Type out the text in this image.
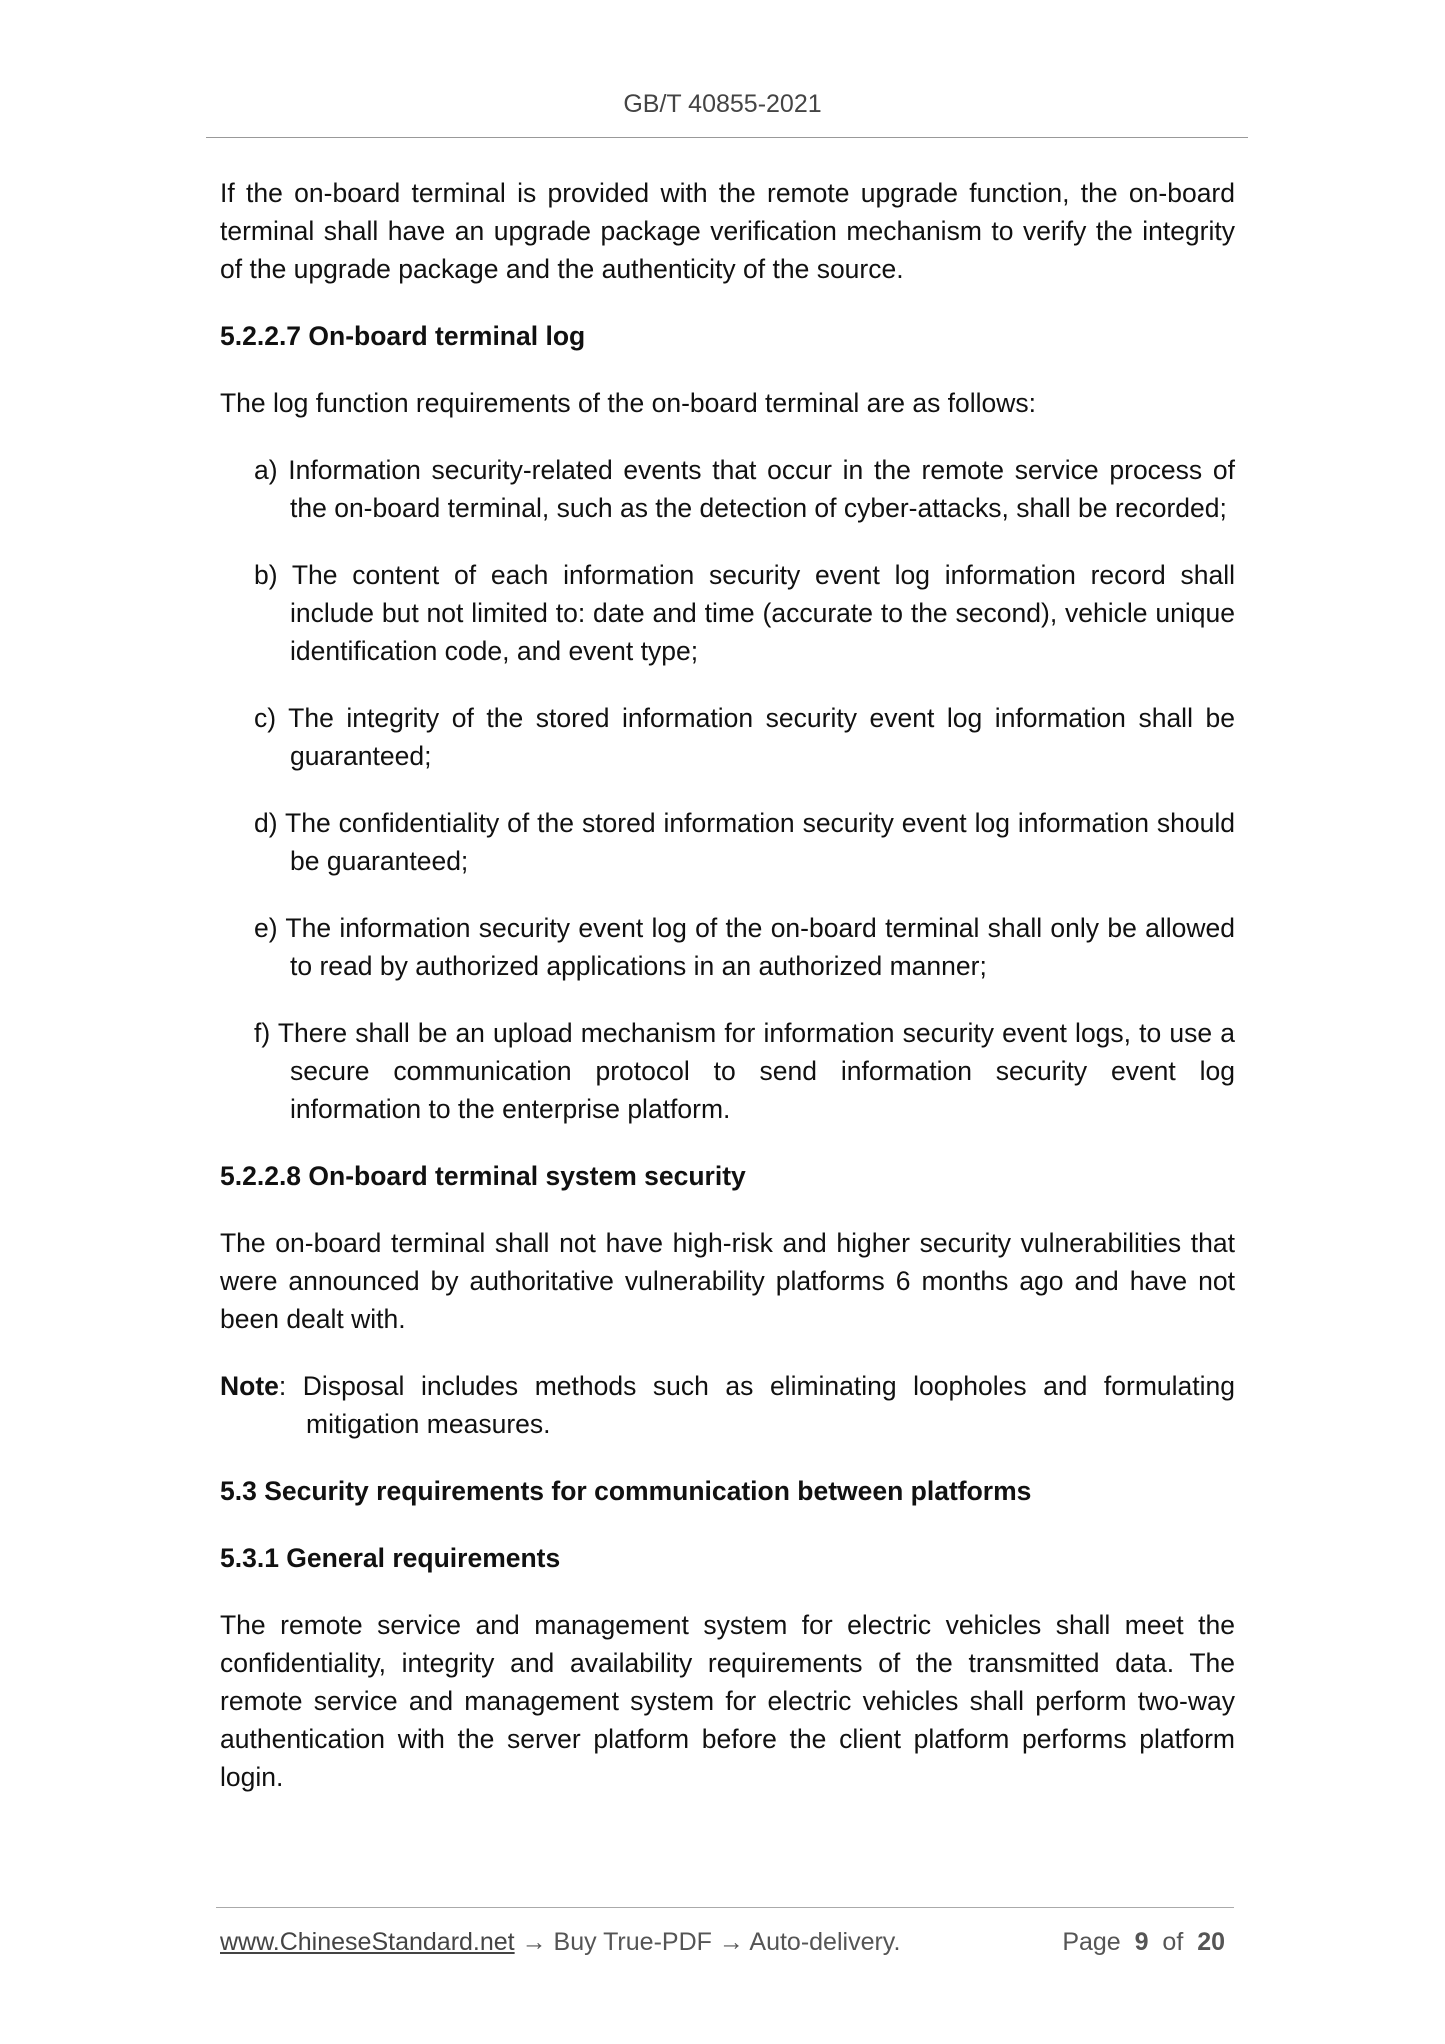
GB/T 40855-2021

If the on-board terminal is provided with the remote upgrade function, the on-board terminal shall have an upgrade package verification mechanism to verify the integrity of the upgrade package and the authenticity of the source.

5.2.2.7 On-board terminal log

The log function requirements of the on-board terminal are as follows:

a) Information security-related events that occur in the remote service process of the on-board terminal, such as the detection of cyber-attacks, shall be recorded;
b) The content of each information security event log information record shall include but not limited to: date and time (accurate to the second), vehicle unique identification code, and event type;
c) The integrity of the stored information security event log information shall be guaranteed;
d) The confidentiality of the stored information security event log information should be guaranteed;
e) The information security event log of the on-board terminal shall only be allowed to read by authorized applications in an authorized manner;
f) There shall be an upload mechanism for information security event logs, to use a secure communication protocol to send information security event log information to the enterprise platform.
5.2.2.8 On-board terminal system security

The on-board terminal shall not have high-risk and higher security vulnerabilities that were announced by authoritative vulnerability platforms 6 months ago and have not been dealt with.

Note: Disposal includes methods such as eliminating loopholes and formulating mitigation measures.
5.3 Security requirements for communication between platforms
5.3.1 General requirements

The remote service and management system for electric vehicles shall meet the confidentiality, integrity and availability requirements of the transmitted data. The remote service and management system for electric vehicles shall perform two-way authentication with the server platform before the client platform performs platform login.

www.ChineseStandard.net → Buy True-PDF → Auto-delivery.	Page 9 of 20
